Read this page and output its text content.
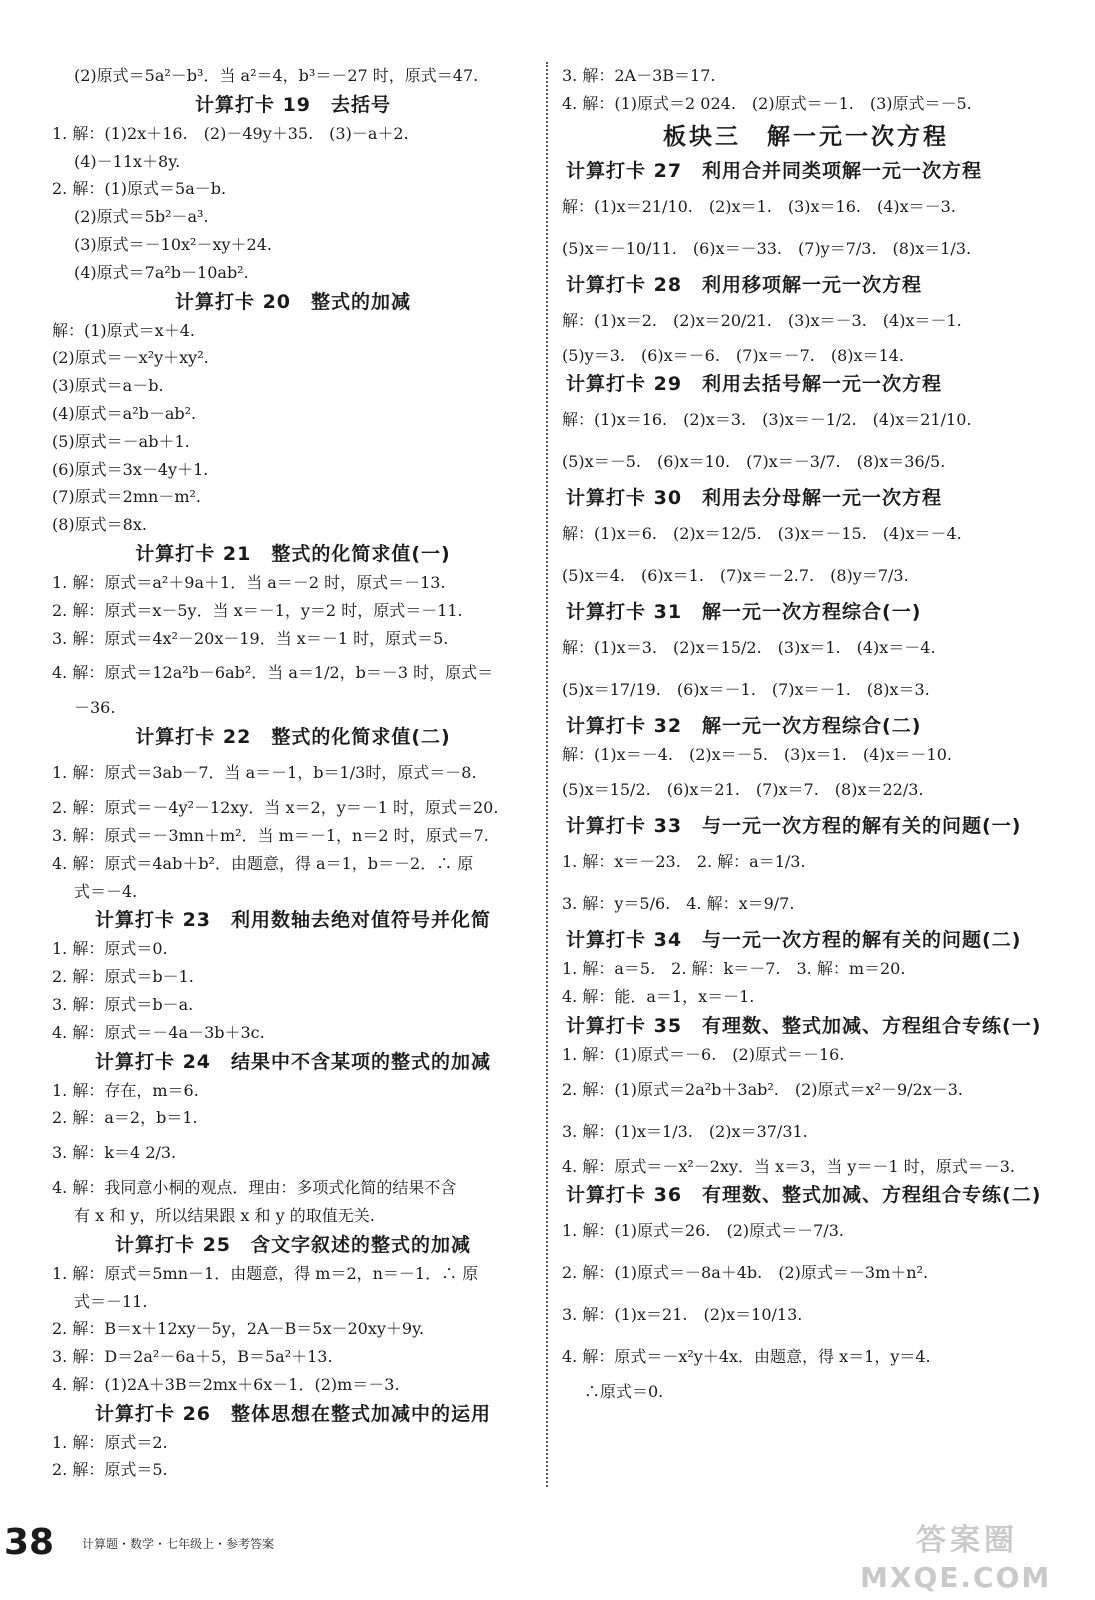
(2)原式＝5a²－b³．当 a²＝4，b³＝－27 时，原式＝47.
计算打卡 19　去括号
1. 解：(1)2x＋16.　(2)－49y＋35.　(3)－a＋2.
(4)－11x＋8y.
2. 解：(1)原式＝5a－b.
(2)原式＝5b²－a³.
(3)原式＝－10x²－xy＋24.
(4)原式＝7a²b－10ab².
计算打卡 20　整式的加减
解：(1)原式＝x＋4.
(2)原式＝－x²y＋xy².
(3)原式＝a－b.
(4)原式＝a²b－ab².
(5)原式＝－ab＋1.
(6)原式＝3x－4y＋1.
(7)原式＝2mn－m².
(8)原式＝8x.
计算打卡 21　整式的化简求值(一)
1. 解：原式＝a²＋9a＋1．当 a＝－2 时，原式＝－13.
2. 解：原式＝x－5y．当 x＝－1，y＝2 时，原式＝－11.
3. 解：原式＝4x²－20x－19．当 x＝－1 时，原式＝5.
4. 解：原式＝12a²b－6ab²．当 a＝1/2，b＝－3 时，原式＝
－36.
计算打卡 22　整式的化简求值(二)
1. 解：原式＝3ab－7．当 a＝－1，b＝1/3时，原式＝－8.
2. 解：原式＝－4y²－12xy．当 x＝2，y＝－1 时，原式＝20.
3. 解：原式＝－3mn＋m²．当 m＝－1，n＝2 时，原式＝7.
4. 解：原式＝4ab＋b²．由题意，得 a＝1，b＝－2．∴ 原
式＝－4.
计算打卡 23　利用数轴去绝对值符号并化简
1. 解：原式＝0.
2. 解：原式＝b－1.
3. 解：原式＝b－a.
4. 解：原式＝－4a－3b＋3c.
计算打卡 24　结果中不含某项的整式的加减
1. 解：存在，m＝6.
2. 解：a＝2，b＝1.
3. 解：k＝4 2/3.
4. 解：我同意小桐的观点．理由：多项式化简的结果不含
有 x 和 y，所以结果跟 x 和 y 的取值无关.
计算打卡 25　含文字叙述的整式的加减
1. 解：原式＝5mn－1．由题意，得 m＝2，n＝－1．∴ 原
式＝－11.
2. 解：B＝x＋12xy－5y，2A－B＝5x－20xy＋9y.
3. 解：D＝2a²－6a＋5，B＝5a²＋13.
4. 解：(1)2A＋3B＝2mx＋6x－1．(2)m＝－3.
计算打卡 26　整体思想在整式加减中的运用
1. 解：原式＝2.
2. 解：原式＝5.
3. 解：2A－3B＝17.
4. 解：(1)原式＝2 024.　(2)原式＝－1.　(3)原式＝－5.
板块三　解一元一次方程
计算打卡 27　利用合并同类项解一元一次方程
解：(1)x＝21/10.　(2)x＝1.　(3)x＝16.　(4)x＝－3.
(5)x＝－10/11.　(6)x＝－33.　(7)y＝7/3.　(8)x＝1/3.
计算打卡 28　利用移项解一元一次方程
解：(1)x＝2.　(2)x＝20/21.　(3)x＝－3.　(4)x＝－1.
(5)y＝3.　(6)x＝－6.　(7)x＝－7.　(8)x＝14.
计算打卡 29　利用去括号解一元一次方程
解：(1)x＝16.　(2)x＝3.　(3)x＝－1/2.　(4)x＝21/10.
(5)x＝－5.　(6)x＝10.　(7)x＝－3/7.　(8)x＝36/5.
计算打卡 30　利用去分母解一元一次方程
解：(1)x＝6.　(2)x＝12/5.　(3)x＝－15.　(4)x＝－4.
(5)x＝4.　(6)x＝1.　(7)x＝－2.7.　(8)y＝7/3.
计算打卡 31　解一元一次方程综合(一)
解：(1)x＝3.　(2)x＝15/2.　(3)x＝1.　(4)x＝－4.
(5)x＝17/19.　(6)x＝－1.　(7)x＝－1.　(8)x＝3.
计算打卡 32　解一元一次方程综合(二)
解：(1)x＝－4.　(2)x＝－5.　(3)x＝1.　(4)x＝－10.
(5)x＝15/2.　(6)x＝21.　(7)x＝7.　(8)x＝22/3.
计算打卡 33　与一元一次方程的解有关的问题(一)
1. 解：x＝－23.　2. 解：a＝1/3.
3. 解：y＝5/6.　4. 解：x＝9/7.
计算打卡 34　与一元一次方程的解有关的问题(二)
1. 解：a＝5.　2. 解：k＝－7.　3. 解：m＝20.
4. 解：能．a＝1，x＝－1.
计算打卡 35　有理数、整式加减、方程组合专练(一)
1. 解：(1)原式＝－6.　(2)原式＝－16.
2. 解：(1)原式＝2a²b＋3ab².　(2)原式＝x²－9/2x－3.
3. 解：(1)x＝1/3.　(2)x＝37/31.
4. 解：原式＝－x²－2xy．当 x＝3，当 y＝－1 时，原式＝－3.
计算打卡 36　有理数、整式加减、方程组合专练(二)
1. 解：(1)原式＝26.　(2)原式＝－7/3.
2. 解：(1)原式＝－8a＋4b.　(2)原式＝－3m＋n².
3. 解：(1)x＝21.　(2)x＝10/13.
4. 解：原式＝－x²y＋4x．由题意，得 x＝1，y＝4.
∴原式＝0.
38 计算题・数学・七年级上・参考答案	答案圈
MXQE.COM
